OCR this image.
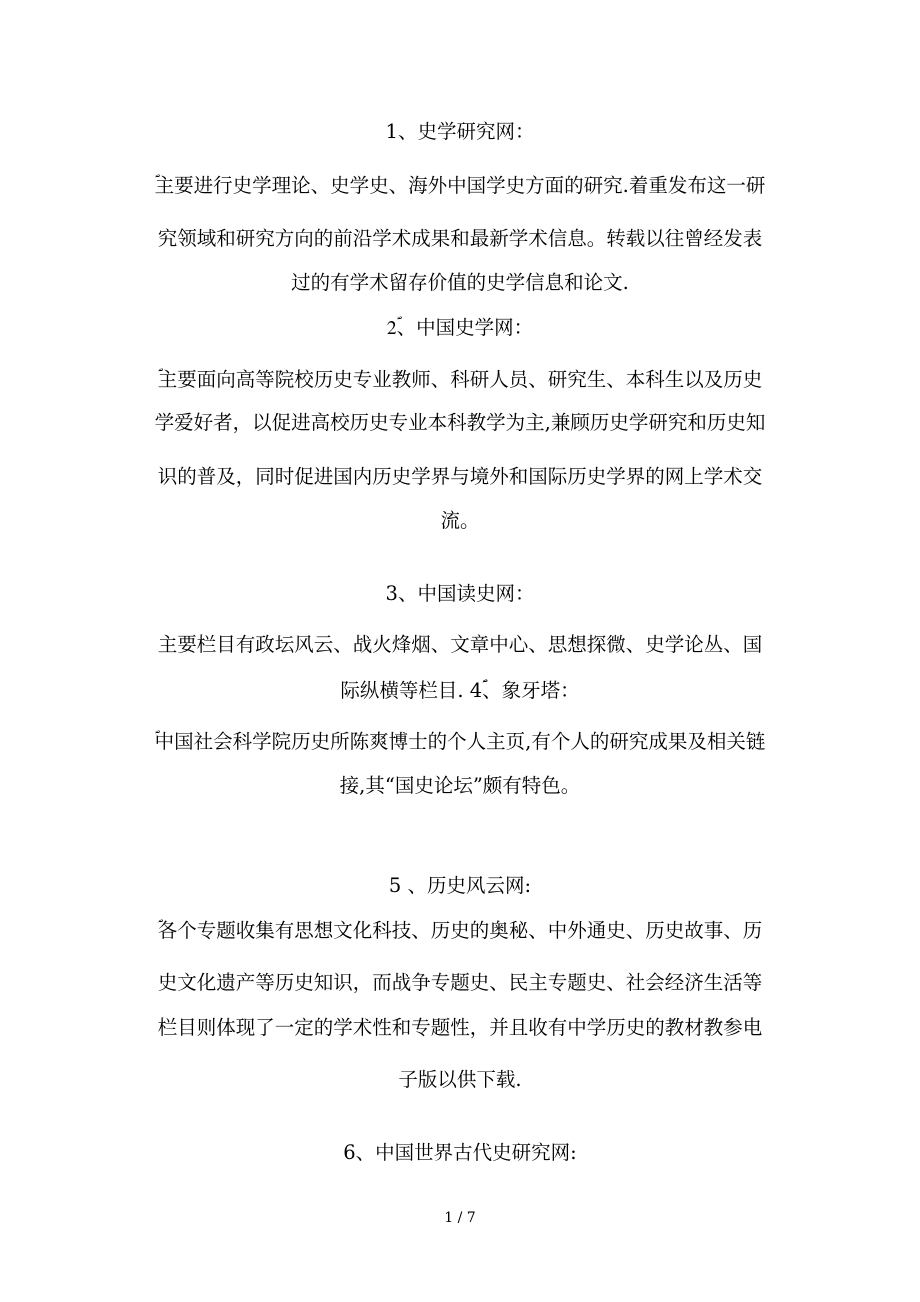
1、史学研究网：
ؐ主要进行史学理论、史学史、海外中国学史方面的研究.着重发布这一研
究领域和研究方向的前沿学术成果和最新学术信息。转载以往曾经发表
过的有学术留存价值的史学信息和论文.
2ؐ、中国史学网：
ؐ主要面向高等院校历史专业教师、科研人员、研究生、本科生以及历史
学爱好者，以促进高校历史专业本科教学为主,兼顾历史学研究和历史知
识的普及，同时促进国内历史学界与境外和国际历史学界的网上学术交
流。
3、中国读史网：
主要栏目有政坛风云、战火烽烟、文章中心、思想探微、史学论丛、国
际纵横等栏目. 4ؐؐ、象牙塔：
ؐ中国社会科学院历史所陈爽博士的个人主页,有个人的研究成果及相关链
接,其“国史论坛”颇有特色。
5 、历史风云网:
ؐ各个专题收集有思想文化科技、历史的奥秘、中外通史、历史故事、历
史文化遗产等历史知识，而战争专题史、民主专题史、社会经济生活等
栏目则体现了一定的学术性和专题性，并且收有中学历史的教材教参电
子版以供下载.
6、中国世界古代史研究网:
1 / 7
